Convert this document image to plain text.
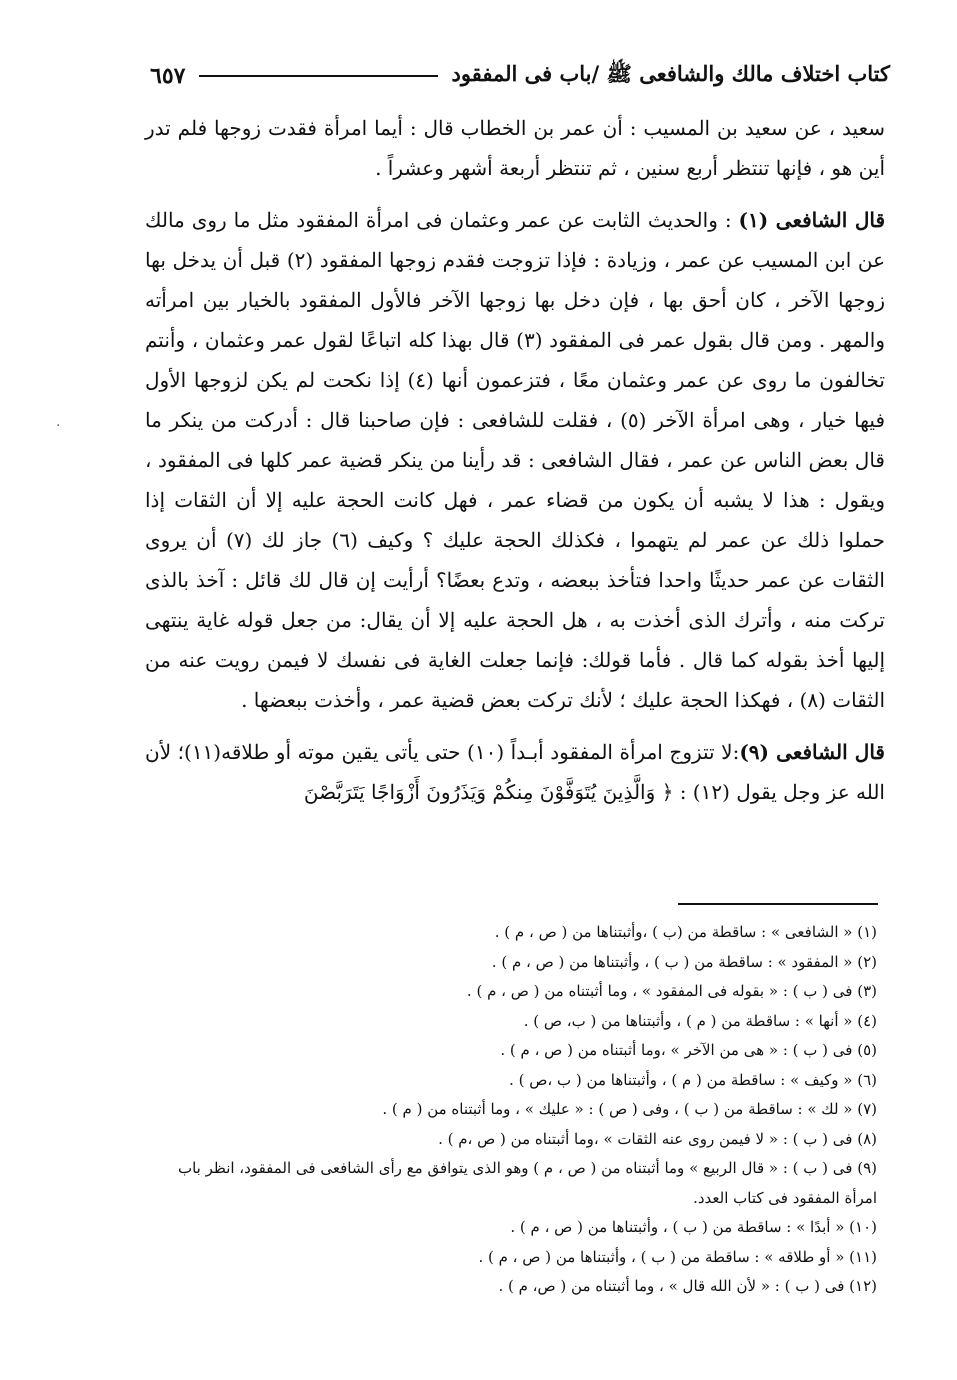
كتاب اختلاف مالك والشافعى ﷺ /باب فى المفقود
٦٥٧

سعيد ، عن سعيد بن المسيب : أن عمر بن الخطاب قال : أيما امرأة فقدت زوجها فلم تدر أين هو ، فإنها تنتظر أربع سنين ، ثم تنتظر أربعة أشهر وعشراً .

قال الشافعى (١) : والحديث الثابت عن عمر وعثمان فى امرأة المفقود مثل ما روى مالك عن ابن المسيب عن عمر ، وزيادة : فإذا تزوجت فقدم زوجها المفقود (٢) قبل أن يدخل بها زوجها الآخر ، كان أحق بها ، فإن دخل بها زوجها الآخر فالأول المفقود بالخيار بين امرأته والمهر . ومن قال بقول عمر فى المفقود (٣) قال بهذا كله اتباعًا لقول عمر وعثمان ، وأنتم تخالفون ما روى عن عمر وعثمان معًا ، فتزعمون أنها (٤) إذا نكحت لم يكن لزوجها الأول فيها خيار ، وهى امرأة الآخر (٥) ، فقلت للشافعى : فإن صاحبنا قال : أدركت من ينكر ما قال بعض الناس عن عمر ، فقال الشافعى : قد رأينا من ينكر قضية عمر كلها فى المفقود ، ويقول : هذا لا يشبه أن يكون من قضاء عمر ، فهل كانت الحجة عليه إلا أن الثقات إذا حملوا ذلك عن عمر لم يتهموا ، فكذلك الحجة عليك ؟ وكيف (٦) جاز لك (٧) أن يروى الثقات عن عمر حديثًا واحدا فتأخذ ببعضه ، وتدع بعضًا؟ أرأيت إن قال لك قائل : آخذ بالذى تركت منه ، وأترك الذى أخذت به ، هل الحجة عليه إلا أن يقال: من جعل قوله غاية ينتهى إليها أخذ بقوله كما قال . فأما قولك: فإنما جعلت الغاية فى نفسك لا فيمن رويت عنه من الثقات (٨) ، فهكذا الحجة عليك ؛ لأنك تركت بعض قضية عمر ، وأخذت ببعضها .

قال الشافعى (٩):لا تتزوج امرأة المفقود أبـداً (١٠) حتى يأتى يقين موته أو طلاقه(١١)؛ لأن الله عز وجل يقول (١٢) : ﴿ وَالَّذِينَ يُتَوَفَّوْنَ مِنكُمْ وَيَذَرُونَ أَزْوَاجًا يَتَرَبَّصْنَ

(١) « الشافعى » : ساقطة من (ب ) ،وأثبتناها من ( ص ، م ) .
(٢) « المفقود » : ساقطة من ( ب ) ، وأثبتناها من ( ص ، م ) .
(٣) فى ( ب ) : « بقوله فى المفقود » ، وما أثبتناه من ( ص ، م ) .
(٤) « أنها » : ساقطة من ( م ) ، وأثبتناها من ( ب، ص ) .
(٥) فى ( ب ) : « هى من الآخر » ،وما أثبتناه من ( ص ، م ) .
(٦) « وكيف » : ساقطة من ( م ) ، وأثبتناها من ( ب ،ص ) .
(٧) « لك » : ساقطة من ( ب ) ، وفى ( ص ) : « عليك » ، وما أثبتناه من ( م ) .
(٨) فى ( ب ) : « لا فيمن روى عنه الثقات » ،وما أثبتناه من ( ص ،م ) .
(٩) فى ( ب ) : « قال الربيع » وما أثبتناه من ( ص ، م ) وهو الذى يتوافق مع رأى الشافعى فى المفقود، انظر باب امرأة المفقود فى كتاب العدد.
(١٠) « أبدًا » : ساقطة من ( ب ) ، وأثبتناها من ( ص ، م ) .
(١١) « أو طلاقه » : ساقطة من ( ب ) ، وأثبتناها من ( ص ، م ) .
(١٢) فى ( ب ) : « لأن الله قال » ، وما أثبتناه من ( ص، م ) .
·
